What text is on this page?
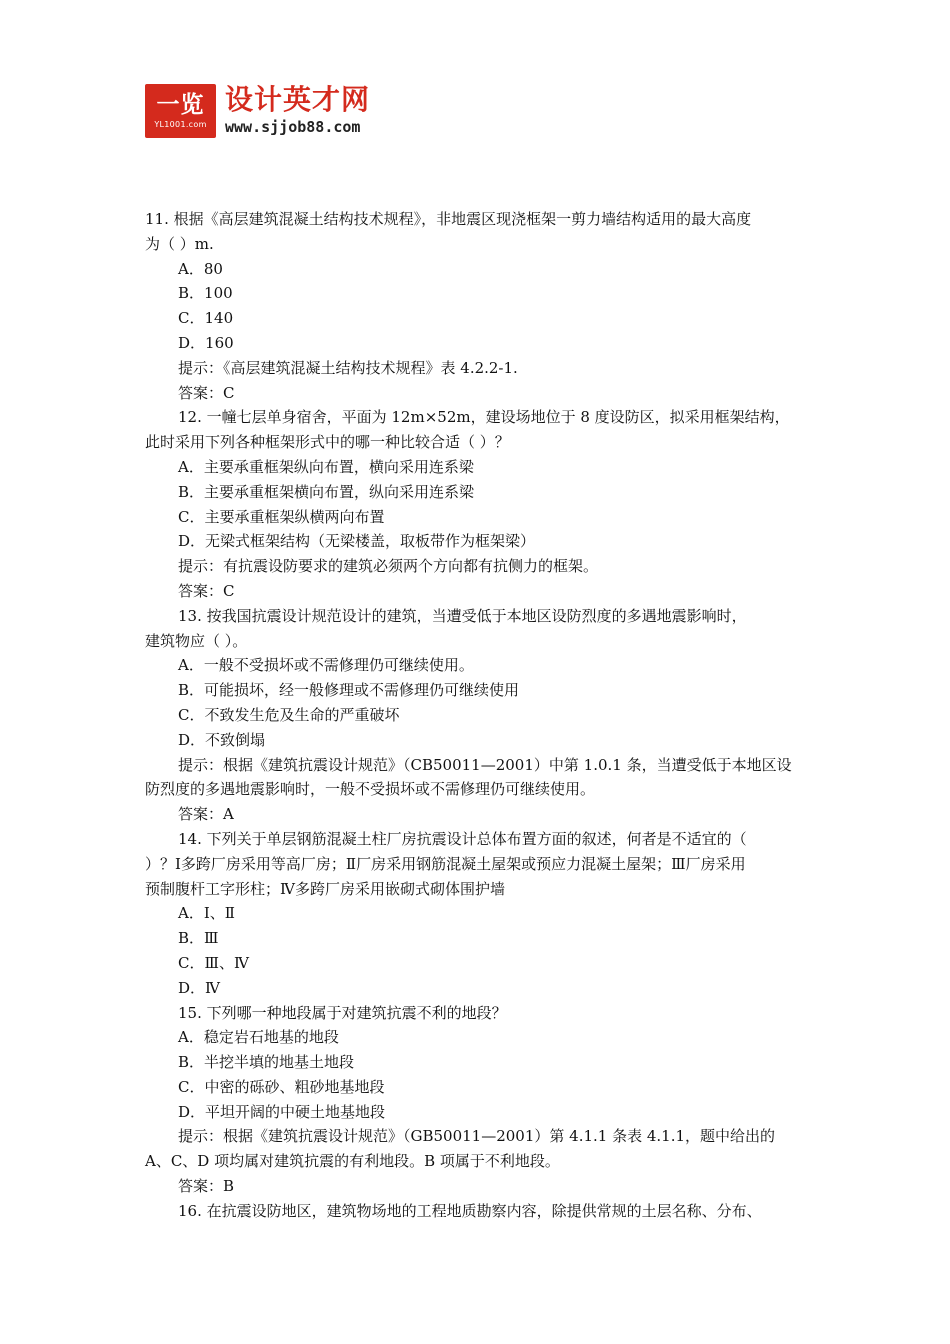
一览
YL1001.com
设计英才网
www.sjjob88.com
11. 根据《高层建筑混凝土结构技术规程》，非地震区现浇框架一剪力墙结构适用的最大高度
为（ ）m.
A．80
B．100
C．140
D．160
提示：《高层建筑混凝土结构技术规程》表 4.2.2-1.
答案：C
12. 一幢七层单身宿舍，平面为 12m×52m，建设场地位于 8 度设防区，拟采用框架结构，
此时采用下列各种框架形式中的哪一种比较合适（ ）？
A．主要承重框架纵向布置，横向采用连系梁
B．主要承重框架横向布置，纵向采用连系梁
C．主要承重框架纵横两向布置
D．无梁式框架结构（无梁楼盖，取板带作为框架梁）
提示：有抗震设防要求的建筑必须两个方向都有抗侧力的框架。
答案：C
13. 按我国抗震设计规范设计的建筑，当遭受低于本地区设防烈度的多遇地震影响时，
建筑物应（ ）。
A．一般不受损坏或不需修理仍可继续使用。
B．可能损坏，经一般修理或不需修理仍可继续使用
C．不致发生危及生命的严重破坏
D．不致倒塌
提示：根据《建筑抗震设计规范》（CB50011—2001）中第 1.0.1 条，当遭受低于本地区设
防烈度的多遇地震影响时，一般不受损坏或不需修理仍可继续使用。
答案：A
14. 下列关于单层钢筋混凝土柱厂房抗震设计总体布置方面的叙述，何者是不适宜的（
）？Ⅰ多跨厂房采用等高厂房；Ⅱ厂房采用钢筋混凝土屋架或预应力混凝土屋架；Ⅲ厂房采用
预制腹杆工字形柱；Ⅳ多跨厂房采用嵌砌式砌体围护墙
A．Ⅰ、Ⅱ
B．Ⅲ
C．Ⅲ、Ⅳ
D．Ⅳ
15. 下列哪一种地段属于对建筑抗震不利的地段？
A．稳定岩石地基的地段
B．半挖半填的地基土地段
C．中密的砾砂、粗砂地基地段
D．平坦开阔的中硬土地基地段
提示：根据《建筑抗震设计规范》（GB50011—2001）第 4.1.1 条表 4.1.1，题中给出的
A、C、D 项均属对建筑抗震的有利地段。B 项属于不利地段。
答案：B
16. 在抗震设防地区，建筑物场地的工程地质勘察内容，除提供常规的土层名称、分布、
